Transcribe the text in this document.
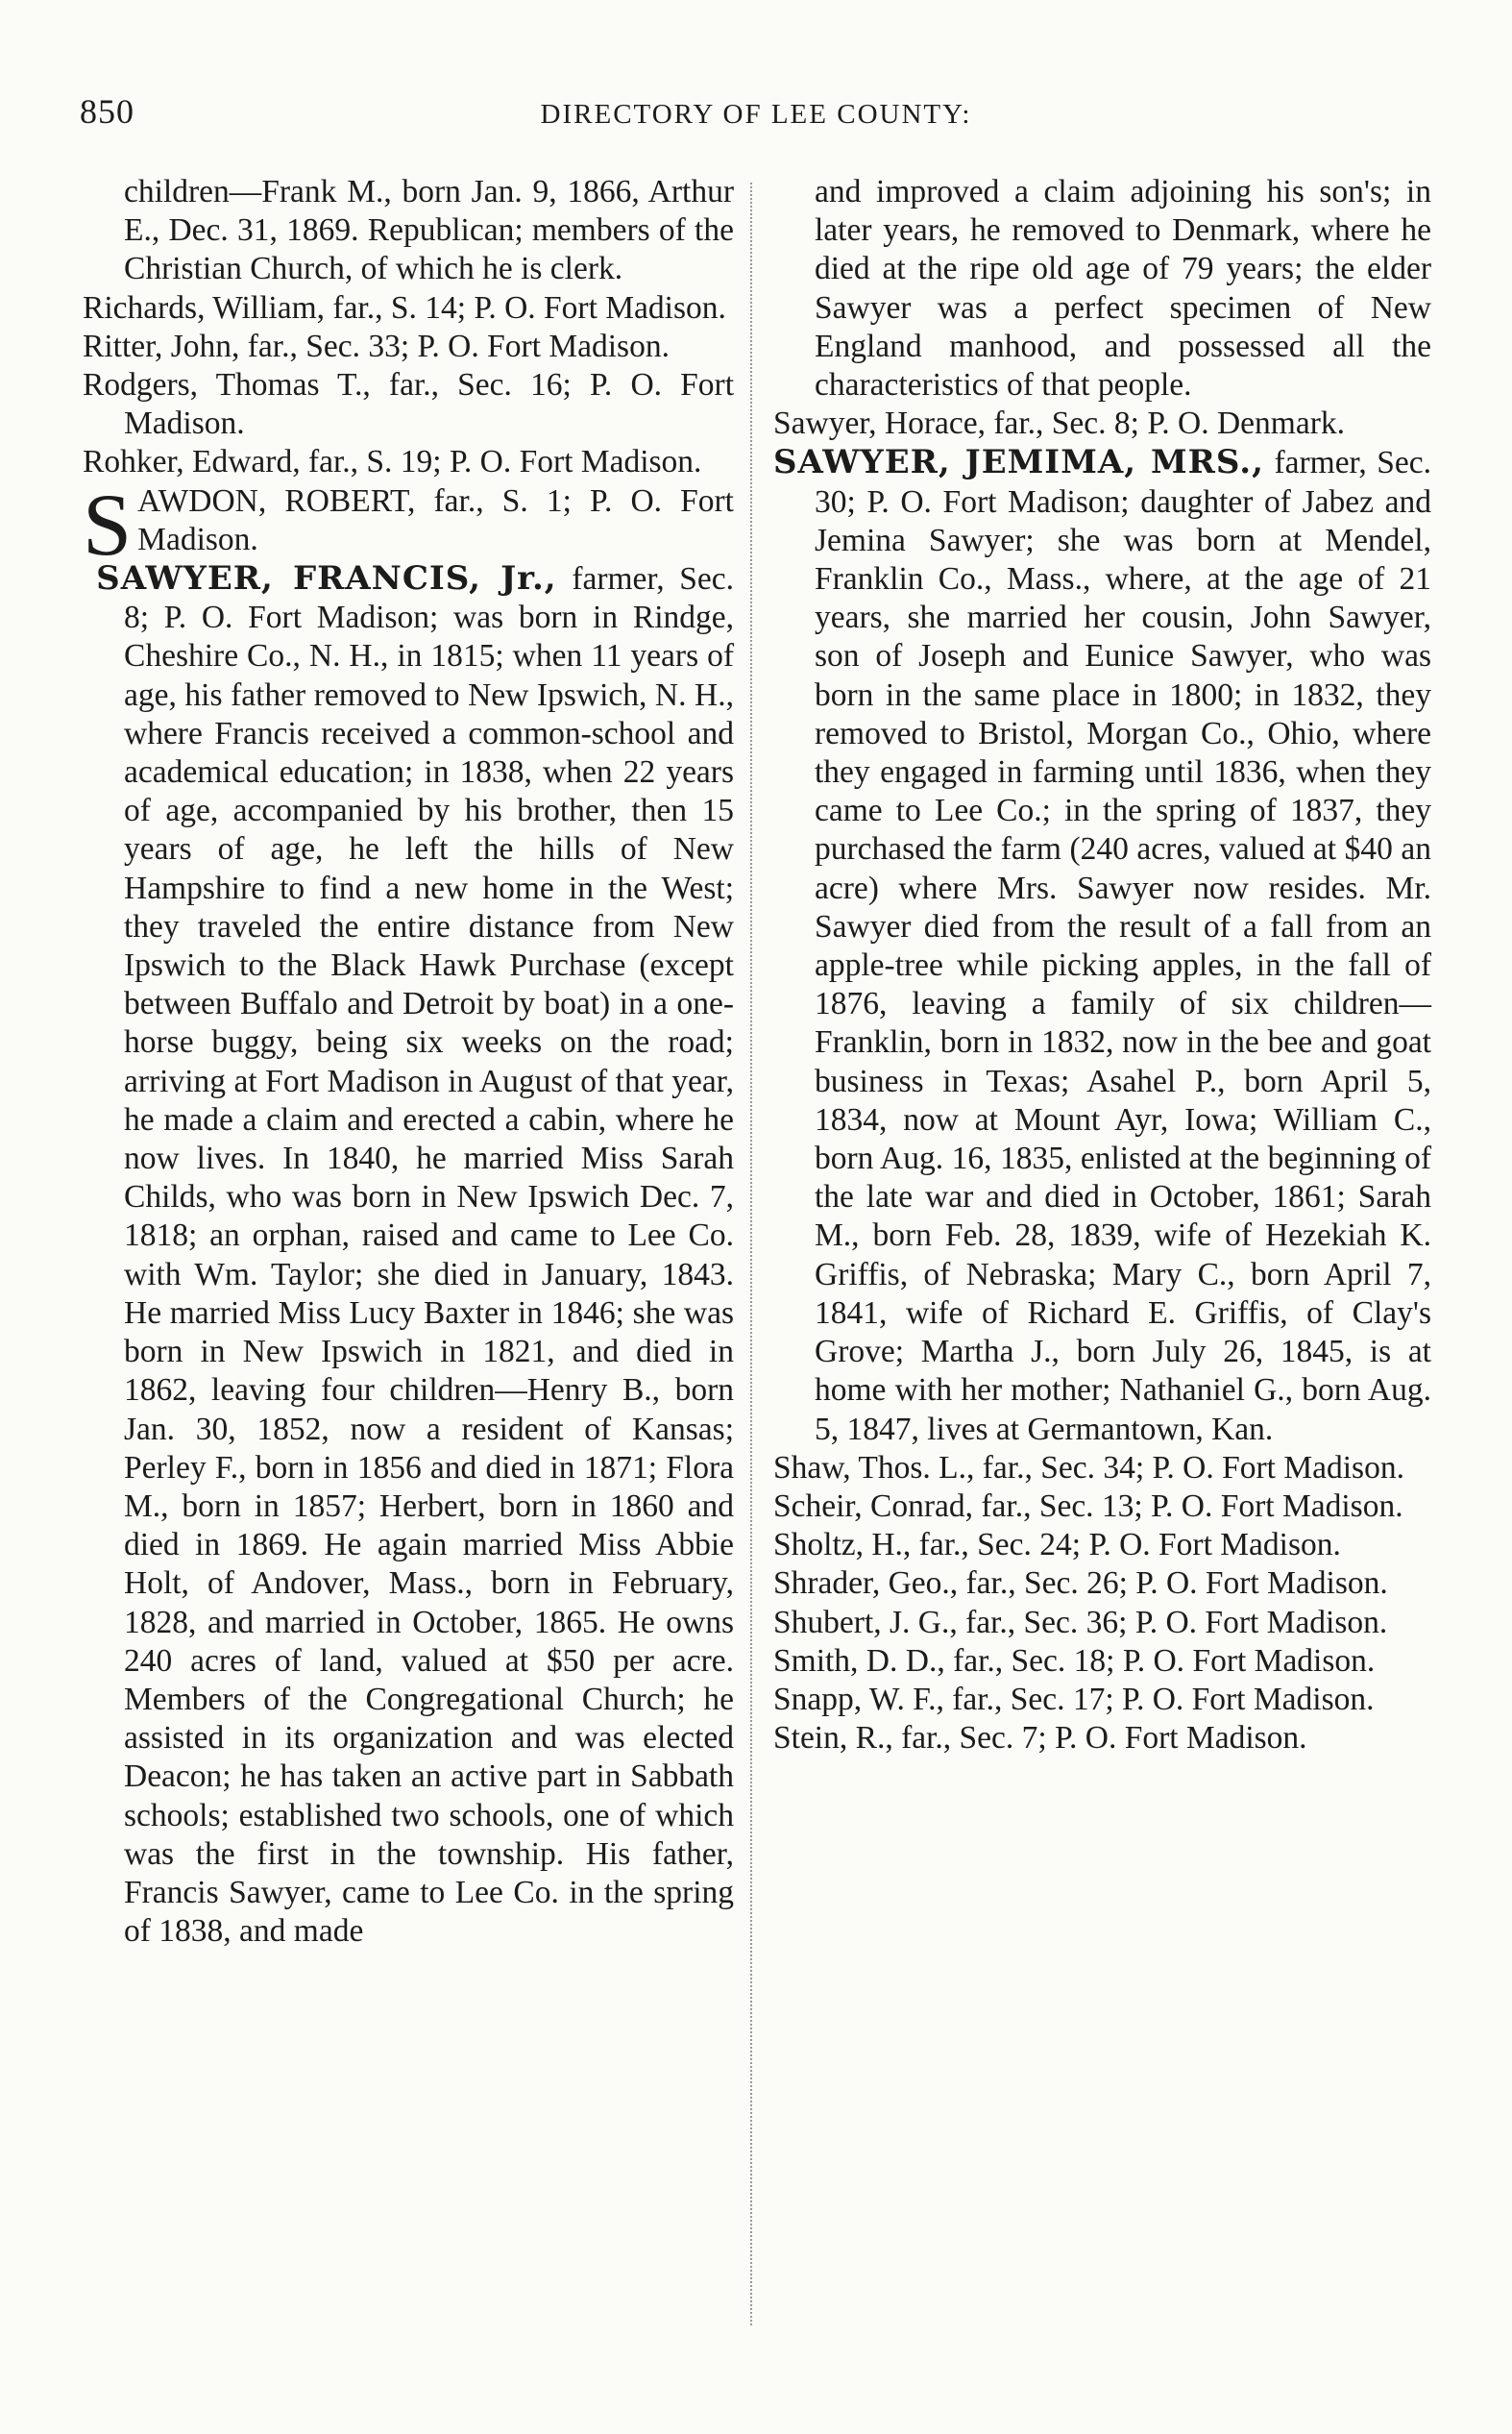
850	DIRECTORY OF LEE COUNTY:

children—Frank M., born Jan. 9, 1866, Arthur E., Dec. 31, 1869. Republican; members of the Christian Church, of which he is clerk.

Richards, William, far., S. 14; P. O. Fort Madison.

Ritter, John, far., Sec. 33; P. O. Fort Madison.

Rodgers, Thomas T., far., Sec. 16; P. O. Fort Madison.

Rohker, Edward, far., S. 19; P. O. Fort Madison.

SAWDON, ROBERT, far., S. 1; P. O. Fort Madison.

SAWYER, FRANCIS, Jr., farmer, Sec. 8; P. O. Fort Madison; was born in Rindge, Cheshire Co., N. H., in 1815; when 11 years of age, his father removed to New Ipswich, N. H., where Francis received a common-school and academical education; in 1838, when 22 years of age, accompanied by his brother, then 15 years of age, he left the hills of New Hampshire to find a new home in the West; they traveled the entire distance from New Ipswich to the Black Hawk Purchase (except between Buffalo and Detroit by boat) in a one-horse buggy, being six weeks on the road; arriving at Fort Madison in August of that year, he made a claim and erected a cabin, where he now lives. In 1840, he married Miss Sarah Childs, who was born in New Ipswich Dec. 7, 1818; an orphan, raised and came to Lee Co. with Wm. Taylor; she died in January, 1843. He married Miss Lucy Baxter in 1846; she was born in New Ipswich in 1821, and died in 1862, leaving four children—Henry B., born Jan. 30, 1852, now a resident of Kansas; Perley F., born in 1856 and died in 1871; Flora M., born in 1857; Herbert, born in 1860 and died in 1869. He again married Miss Abbie Holt, of Andover, Mass., born in February, 1828, and married in October, 1865. He owns 240 acres of land, valued at $50 per acre. Members of the Congregational Church; he assisted in its organization and was elected Deacon; he has taken an active part in Sabbath schools; established two schools, one of which was the first in the township. His father, Francis Sawyer, came to Lee Co. in the spring of 1838, and made

and improved a claim adjoining his son's; in later years, he removed to Denmark, where he died at the ripe old age of 79 years; the elder Sawyer was a perfect specimen of New England manhood, and possessed all the characteristics of that people.

Sawyer, Horace, far., Sec. 8; P. O. Denmark.

SAWYER, JEMIMA, MRS., farmer, Sec. 30; P. O. Fort Madison; daughter of Jabez and Jemina Sawyer; she was born at Mendel, Franklin Co., Mass., where, at the age of 21 years, she married her cousin, John Sawyer, son of Joseph and Eunice Sawyer, who was born in the same place in 1800; in 1832, they removed to Bristol, Morgan Co., Ohio, where they engaged in farming until 1836, when they came to Lee Co.; in the spring of 1837, they purchased the farm (240 acres, valued at $40 an acre) where Mrs. Sawyer now resides. Mr. Sawyer died from the result of a fall from an apple-tree while picking apples, in the fall of 1876, leaving a family of six children—Franklin, born in 1832, now in the bee and goat business in Texas; Asahel P., born April 5, 1834, now at Mount Ayr, Iowa; William C., born Aug. 16, 1835, enlisted at the beginning of the late war and died in October, 1861; Sarah M., born Feb. 28, 1839, wife of Hezekiah K. Griffis, of Nebraska; Mary C., born April 7, 1841, wife of Richard E. Griffis, of Clay's Grove; Martha J., born July 26, 1845, is at home with her mother; Nathaniel G., born Aug. 5, 1847, lives at Germantown, Kan.

Shaw, Thos. L., far., Sec. 34; P. O. Fort Madison.

Scheir, Conrad, far., Sec. 13; P. O. Fort Madison.

Sholtz, H., far., Sec. 24; P. O. Fort Madison.

Shrader, Geo., far., Sec. 26; P. O. Fort Madison.

Shubert, J. G., far., Sec. 36; P. O. Fort Madison.

Smith, D. D., far., Sec. 18; P. O. Fort Madison.

Snapp, W. F., far., Sec. 17; P. O. Fort Madison.

Stein, R., far., Sec. 7; P. O. Fort Madison.
